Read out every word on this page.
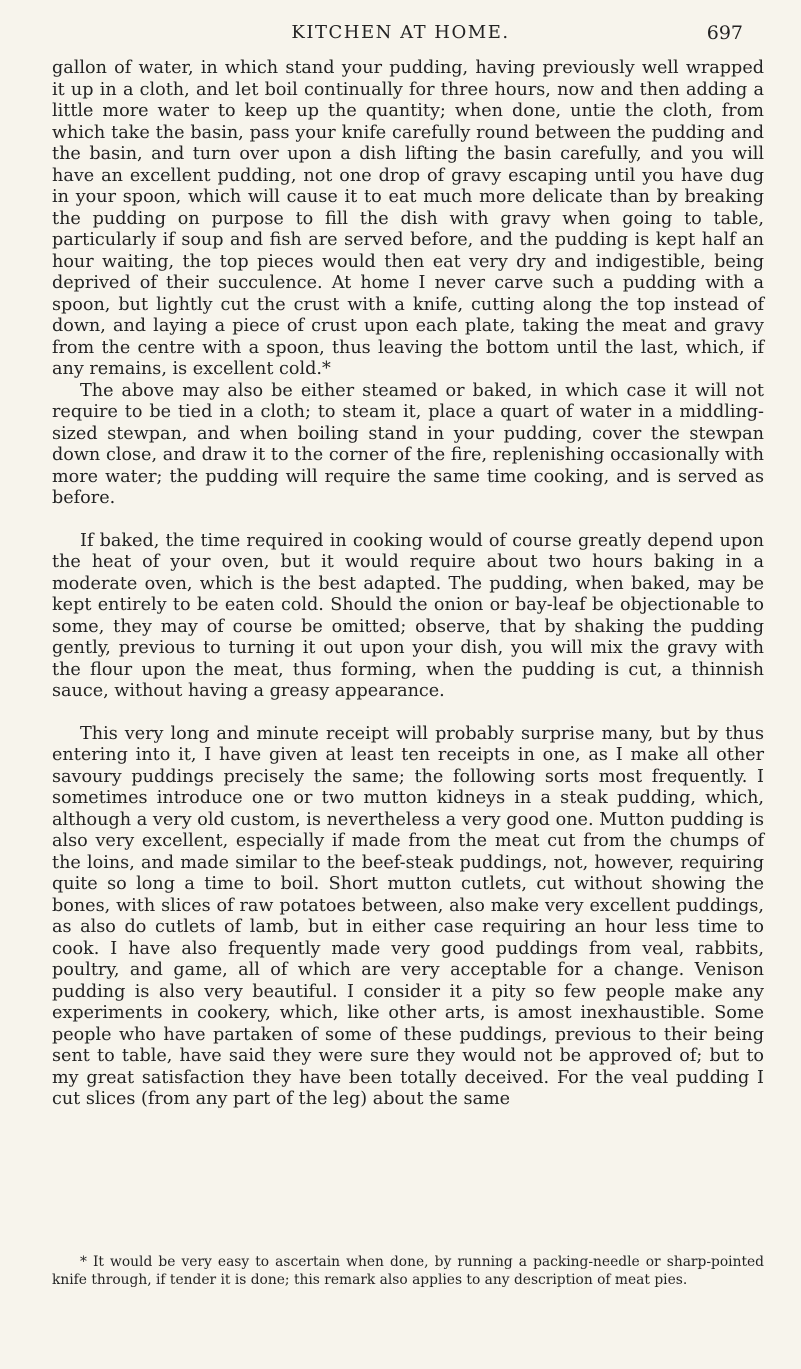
KITCHEN AT HOME.	697

gallon of water, in which stand your pudding, having previously well wrapped it up in a cloth, and let boil continually for three hours, now and then adding a little more water to keep up the quantity; when done, untie the cloth, from which take the basin, pass your knife carefully round between the pudding and the basin, and turn over upon a dish lifting the basin carefully, and you will have an excellent pudding, not one drop of gravy escaping until you have dug in your spoon, which will cause it to eat much more delicate than by breaking the pudding on purpose to fill the dish with gravy when going to table, particularly if soup and fish are served before, and the pudding is kept half an hour waiting, the top pieces would then eat very dry and indigestible, being deprived of their succulence. At home I never carve such a pudding with a spoon, but lightly cut the crust with a knife, cutting along the top instead of down, and laying a piece of crust upon each plate, taking the meat and gravy from the centre with a spoon, thus leaving the bottom until the last, which, if any remains, is excellent cold.*

The above may also be either steamed or baked, in which case it will not require to be tied in a cloth; to steam it, place a quart of water in a middling-sized stewpan, and when boiling stand in your pudding, cover the stewpan down close, and draw it to the corner of the fire, replenishing occasionally with more water; the pudding will require the same time cooking, and is served as before.

If baked, the time required in cooking would of course greatly depend upon the heat of your oven, but it would require about two hours baking in a moderate oven, which is the best adapted. The pudding, when baked, may be kept entirely to be eaten cold. Should the onion or bay-leaf be objectionable to some, they may of course be omitted; observe, that by shaking the pudding gently, previous to turning it out upon your dish, you will mix the gravy with the flour upon the meat, thus forming, when the pudding is cut, a thinnish sauce, without having a greasy appearance.

This very long and minute receipt will probably surprise many, but by thus entering into it, I have given at least ten receipts in one, as I make all other savoury puddings precisely the same; the following sorts most frequently. I sometimes introduce one or two mutton kidneys in a steak pudding, which, although a very old custom, is nevertheless a very good one. Mutton pudding is also very excellent, especially if made from the meat cut from the chumps of the loins, and made similar to the beef-steak puddings, not, however, requiring quite so long a time to boil. Short mutton cutlets, cut without showing the bones, with slices of raw potatoes between, also make very excellent puddings, as also do cutlets of lamb, but in either case requiring an hour less time to cook. I have also frequently made very good puddings from veal, rabbits, poultry, and game, all of which are very acceptable for a change. Venison pudding is also very beautiful. I consider it a pity so few people make any experiments in cookery, which, like other arts, is amost inexhaustible. Some people who have partaken of some of these puddings, previous to their being sent to table, have said they were sure they would not be approved of; but to my great satisfaction they have been totally deceived. For the veal pudding I cut slices (from any part of the leg) about the same

* It would be very easy to ascertain when done, by running a packing-needle or sharp-pointed knife through, if tender it is done; this remark also applies to any description of meat pies.
